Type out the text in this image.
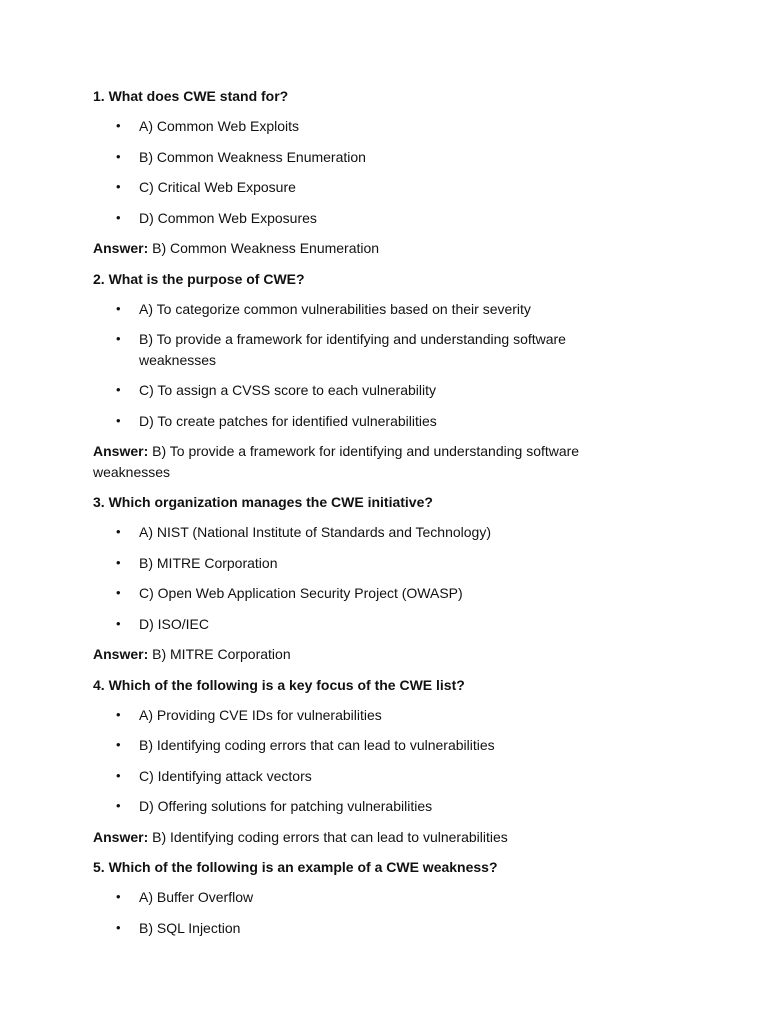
1. What does CWE stand for?
• A) Common Web Exploits
• B) Common Weakness Enumeration
• C) Critical Web Exposure
• D) Common Web Exposures
Answer: B) Common Weakness Enumeration
2. What is the purpose of CWE?
• A) To categorize common vulnerabilities based on their severity
• B) To provide a framework for identifying and understanding software weaknesses
• C) To assign a CVSS score to each vulnerability
• D) To create patches for identified vulnerabilities
Answer: B) To provide a framework for identifying and understanding software weaknesses
3. Which organization manages the CWE initiative?
• A) NIST (National Institute of Standards and Technology)
• B) MITRE Corporation
• C) Open Web Application Security Project (OWASP)
• D) ISO/IEC
Answer: B) MITRE Corporation
4. Which of the following is a key focus of the CWE list?
• A) Providing CVE IDs for vulnerabilities
• B) Identifying coding errors that can lead to vulnerabilities
• C) Identifying attack vectors
• D) Offering solutions for patching vulnerabilities
Answer: B) Identifying coding errors that can lead to vulnerabilities
5. Which of the following is an example of a CWE weakness?
• A) Buffer Overflow
• B) SQL Injection
